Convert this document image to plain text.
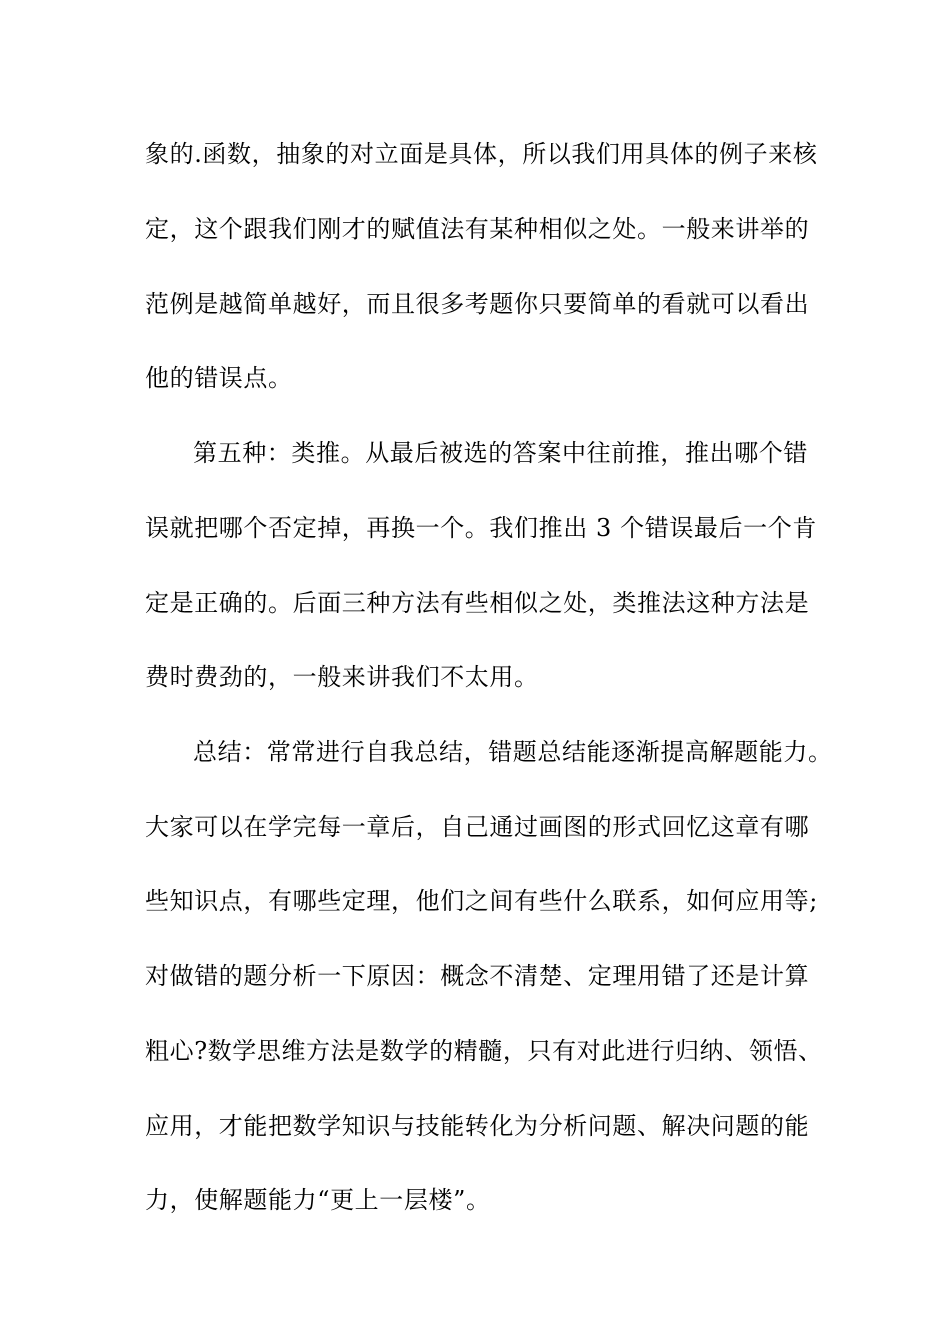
象的.函数，抽象的对立面是具体，所以我们用具体的例子来核
定，这个跟我们刚才的赋值法有某种相似之处。一般来讲举的
范例是越简单越好，而且很多考题你只要简单的看就可以看出
他的错误点。
第五种：类推。从最后被选的答案中往前推，推出哪个错
误就把哪个否定掉，再换一个。我们推出 3 个错误最后一个肯
定是正确的。后面三种方法有些相似之处，类推法这种方法是
费时费劲的，一般来讲我们不太用。
总结：常常进行自我总结，错题总结能逐渐提高解题能力。
大家可以在学完每一章后，自己通过画图的形式回忆这章有哪
些知识点，有哪些定理，他们之间有些什么联系，如何应用等;
对做错的题分析一下原因：概念不清楚、定理用错了还是计算
粗心?数学思维方法是数学的精髓，只有对此进行归纳、领悟、
应用，才能把数学知识与技能转化为分析问题、解决问题的能
力，使解题能力“更上一层楼”。
